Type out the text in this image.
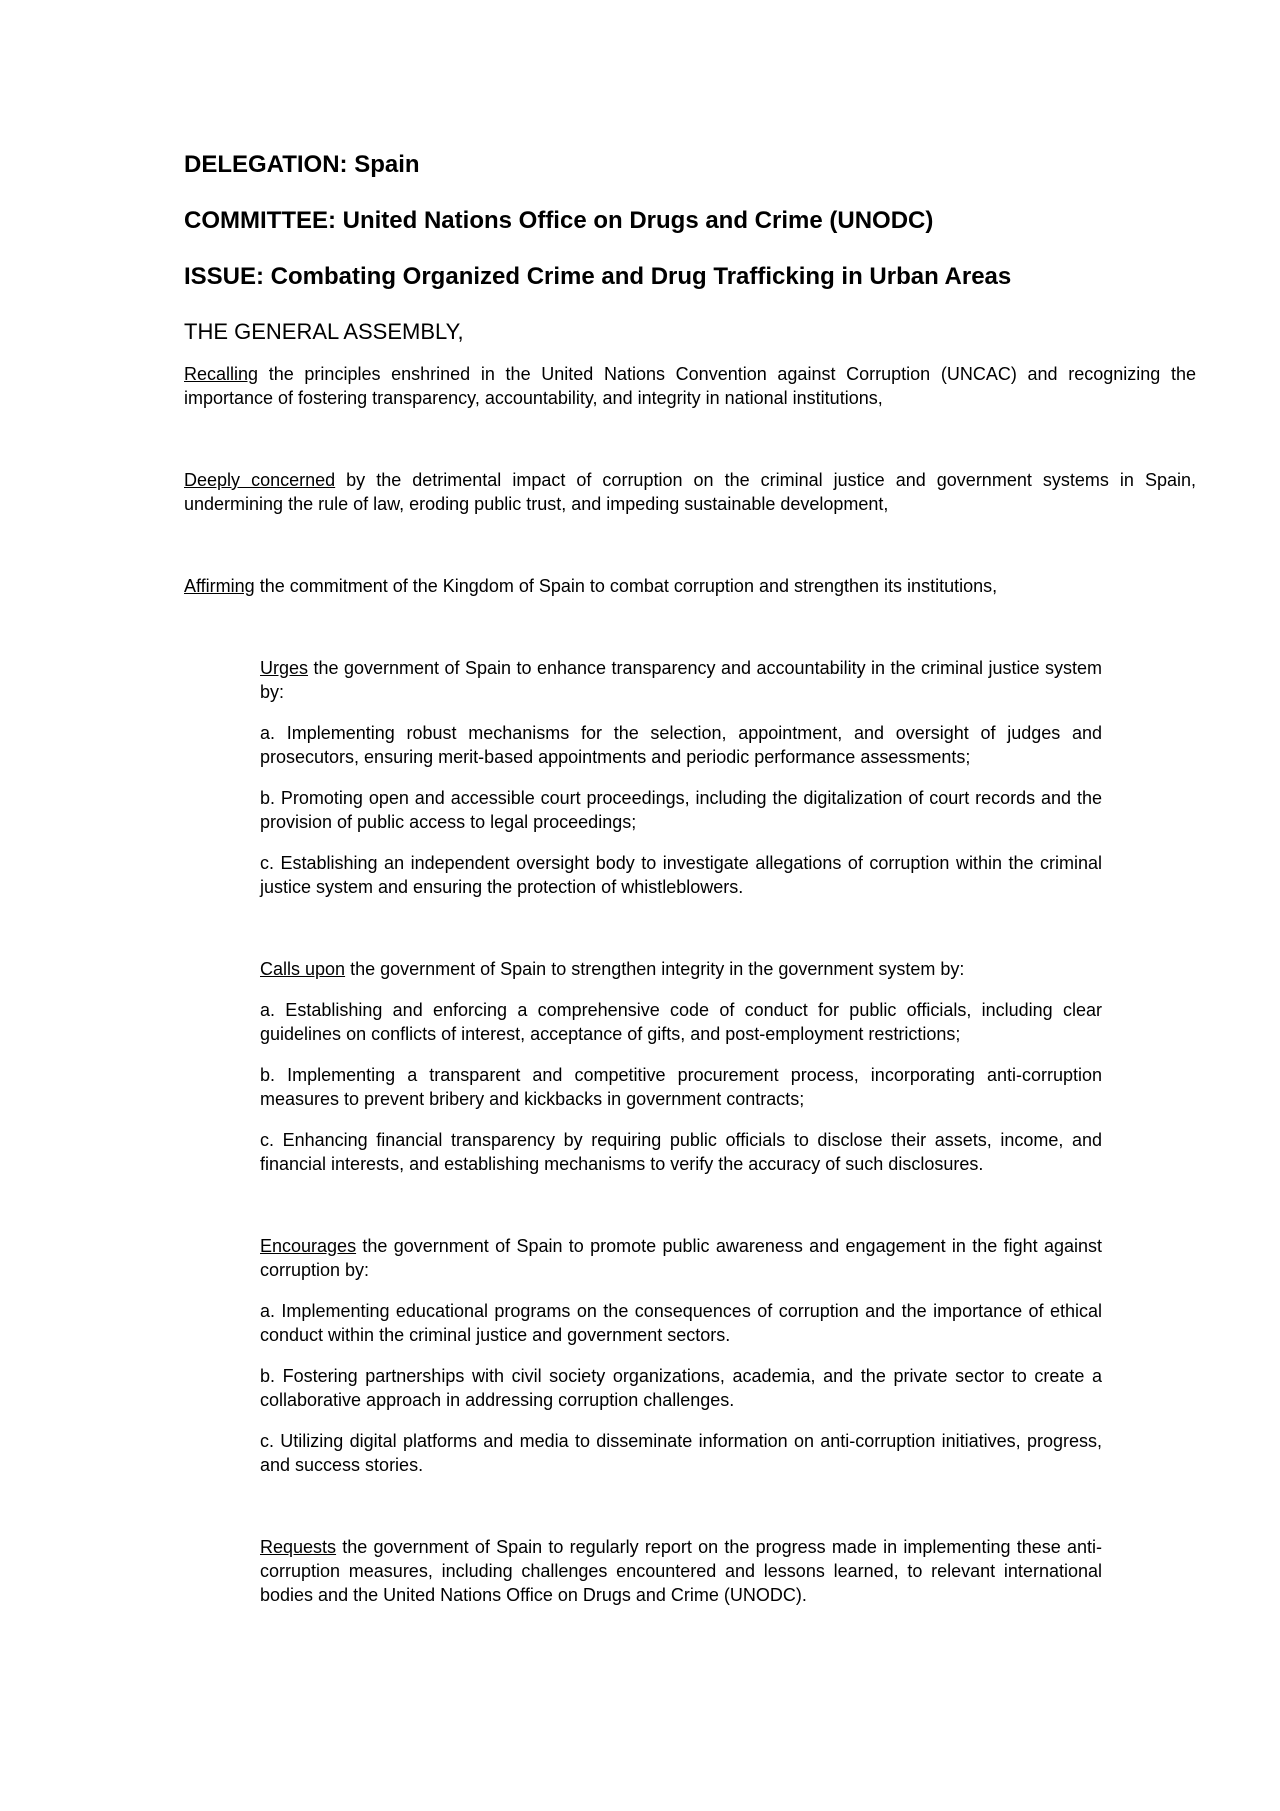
DELEGATION: Spain
COMMITTEE: United Nations Office on Drugs and Crime (UNODC)
ISSUE: Combating Organized Crime and Drug Trafficking in Urban Areas

THE GENERAL ASSEMBLY,

Recalling the principles enshrined in the United Nations Convention against Corruption (UNCAC) and recognizing the importance of fostering transparency, accountability, and integrity in national institutions,

Deeply concerned by the detrimental impact of corruption on the criminal justice and government systems in Spain, undermining the rule of law, eroding public trust, and impeding sustainable development,

Affirming the commitment of the Kingdom of Spain to combat corruption and strengthen its institutions,

Urges the government of Spain to enhance transparency and accountability in the criminal justice system by:

a. Implementing robust mechanisms for the selection, appointment, and oversight of judges and prosecutors, ensuring merit-based appointments and periodic performance assessments;

b. Promoting open and accessible court proceedings, including the digitalization of court records and the provision of public access to legal proceedings;

c. Establishing an independent oversight body to investigate allegations of corruption within the criminal justice system and ensuring the protection of whistleblowers.

Calls upon the government of Spain to strengthen integrity in the government system by:

a. Establishing and enforcing a comprehensive code of conduct for public officials, including clear guidelines on conflicts of interest, acceptance of gifts, and post-employment restrictions;

b. Implementing a transparent and competitive procurement process, incorporating anti-corruption measures to prevent bribery and kickbacks in government contracts;

c. Enhancing financial transparency by requiring public officials to disclose their assets, income, and financial interests, and establishing mechanisms to verify the accuracy of such disclosures.

Encourages the government of Spain to promote public awareness and engagement in the fight against corruption by:

a. Implementing educational programs on the consequences of corruption and the importance of ethical conduct within the criminal justice and government sectors.

b. Fostering partnerships with civil society organizations, academia, and the private sector to create a collaborative approach in addressing corruption challenges.

c. Utilizing digital platforms and media to disseminate information on anti-corruption initiatives, progress, and success stories.

Requests the government of Spain to regularly report on the progress made in implementing these anti-corruption measures, including challenges encountered and lessons learned, to relevant international bodies and the United Nations Office on Drugs and Crime (UNODC).
